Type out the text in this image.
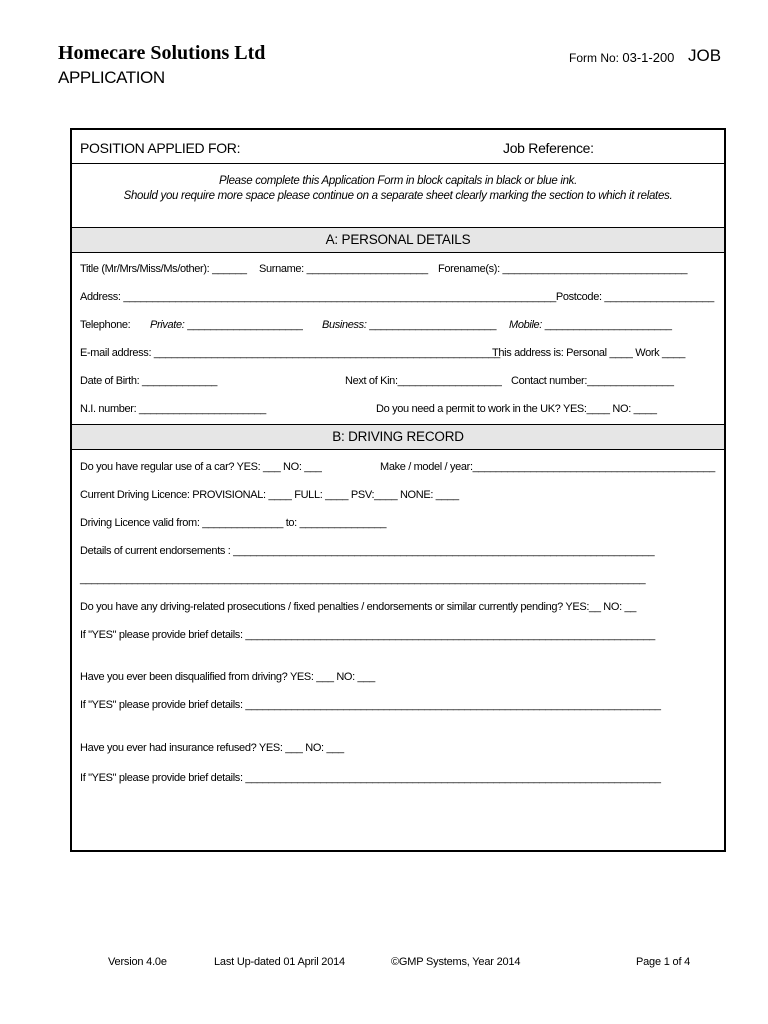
Homecare Solutions Ltd
APPLICATION
Form No: 03-1-200 JOB
POSITION APPLIED FOR:	Job Reference:
Please complete this Application Form in block capitals in black or blue ink.
Should you require more space please continue on a separate sheet clearly marking the section to which it relates.
A: PERSONAL DETAILS
Title (Mr/Mrs/Miss/Ms/other): ______ Surname: _____________________ Forename(s): ________________________________
Address: ___________________________________________________________________________Postcode: ___________________
Telephone: Private: ____________________ Business: ______________________ Mobile: ______________________
E-mail address: ____________________________________________________________
This address is: Personal ____ Work ____
Date of Birth: _____________	Next of Kin:__________________ Contact number:_______________
N.I. number: ______________________	Do you need a permit to work in the UK? YES:____ NO: ____
B: DRIVING RECORD
Do you have regular use of a car? YES: ___ NO: ___	Make / model / year:__________________________________________
Current Driving Licence: PROVISIONAL: ____ FULL: ____ PSV:____ NONE: ____
Driving Licence valid from: ______________ to: _______________
Details of current endorsements : _________________________________________________________________________
__________________________________________________________________________________________________
Do you have any driving-related prosecutions / fixed penalties / endorsements or similar currently pending? YES:__ NO: __
If "YES" please provide brief details: _______________________________________________________________________
Have you ever been disqualified from driving? YES: ___ NO: ___
If "YES" please provide brief details: ________________________________________________________________________
Have you ever had insurance refused? YES: ___ NO: ___
If "YES" please provide brief details: ________________________________________________________________________
Version 4.0e	Last Up-dated 01 April 2014	©GMP Systems, Year 2014	Page 1 of 4
